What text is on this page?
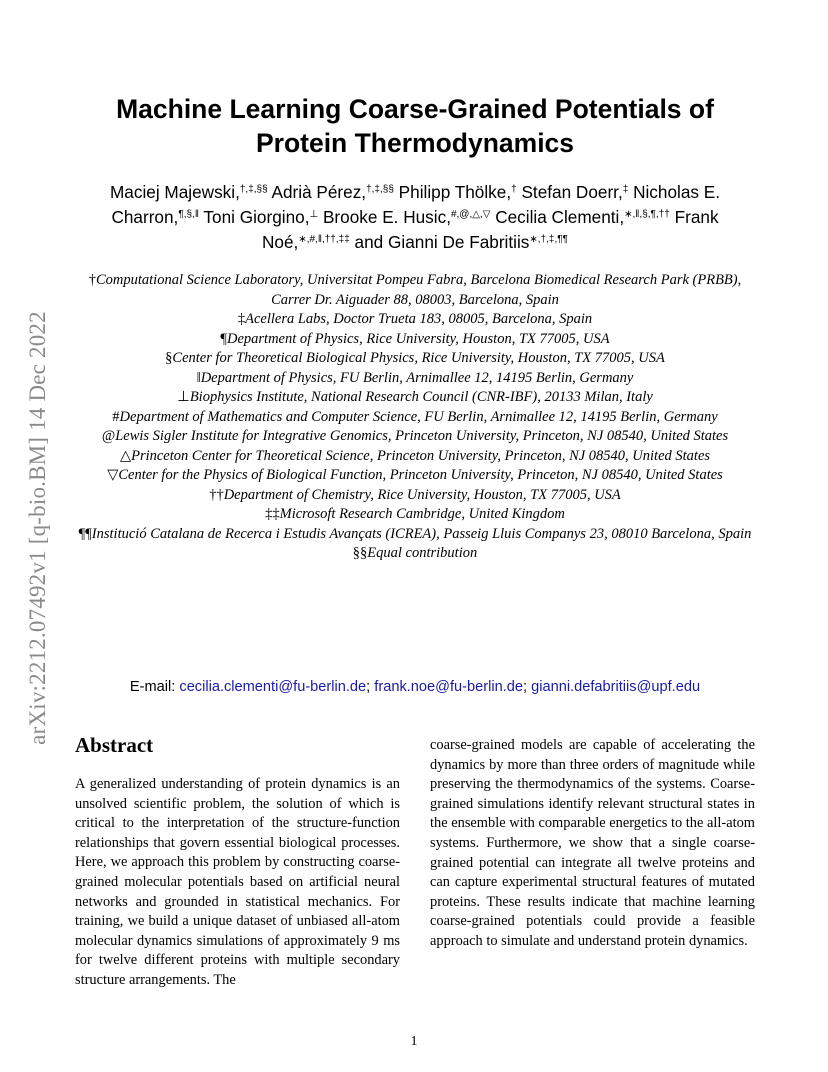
arXiv:2212.07492v1 [q-bio.BM] 14 Dec 2022
Machine Learning Coarse-Grained Potentials of
Protein Thermodynamics
Maciej Majewski,†,‡,§§ Adrià Pérez,†,‡,§§ Philipp Thölke,† Stefan Doerr,‡ Nicholas E. Charron,¶,§,‖ Toni Giorgino,⊥ Brooke E. Husic,#,@,△,▽ Cecilia Clementi,∗,‖,§,¶,†† Frank Noé,∗,#,‖,††,‡‡ and Gianni De Fabritiis∗,†,‡,¶¶
†Computational Science Laboratory, Universitat Pompeu Fabra, Barcelona Biomedical Research Park (PRBB), Carrer Dr. Aiguader 88, 08003, Barcelona, Spain
‡Acellera Labs, Doctor Trueta 183, 08005, Barcelona, Spain
¶Department of Physics, Rice University, Houston, TX 77005, USA
§Center for Theoretical Biological Physics, Rice University, Houston, TX 77005, USA
‖Department of Physics, FU Berlin, Arnimallee 12, 14195 Berlin, Germany
⊥Biophysics Institute, National Research Council (CNR-IBF), 20133 Milan, Italy
#Department of Mathematics and Computer Science, FU Berlin, Arnimallee 12, 14195 Berlin, Germany
@Lewis Sigler Institute for Integrative Genomics, Princeton University, Princeton, NJ 08540, United States
△Princeton Center for Theoretical Science, Princeton University, Princeton, NJ 08540, United States
▽Center for the Physics of Biological Function, Princeton University, Princeton, NJ 08540, United States
††Department of Chemistry, Rice University, Houston, TX 77005, USA
‡‡Microsoft Research Cambridge, United Kingdom
¶¶Institució Catalana de Recerca i Estudis Avançats (ICREA), Passeig Lluis Companys 23, 08010 Barcelona, Spain
§§Equal contribution
E-mail: cecilia.clementi@fu-berlin.de; frank.noe@fu-berlin.de; gianni.defabritiis@upf.edu
Abstract
A generalized understanding of protein dynamics is an unsolved scientific problem, the solution of which is critical to the interpretation of the structure-function relationships that govern essential biological processes. Here, we approach this problem by constructing coarse-grained molecular potentials based on artificial neural networks and grounded in statistical mechanics. For training, we build a unique dataset of unbiased all-atom molecular dynamics simulations of approximately 9 ms for twelve different proteins with multiple secondary structure arrangements. The
coarse-grained models are capable of accelerating the dynamics by more than three orders of magnitude while preserving the thermodynamics of the systems. Coarse-grained simulations identify relevant structural states in the ensemble with comparable energetics to the all-atom systems. Furthermore, we show that a single coarse-grained potential can integrate all twelve proteins and can capture experimental structural features of mutated proteins. These results indicate that machine learning coarse-grained potentials could provide a feasible approach to simulate and understand protein dynamics.
1
